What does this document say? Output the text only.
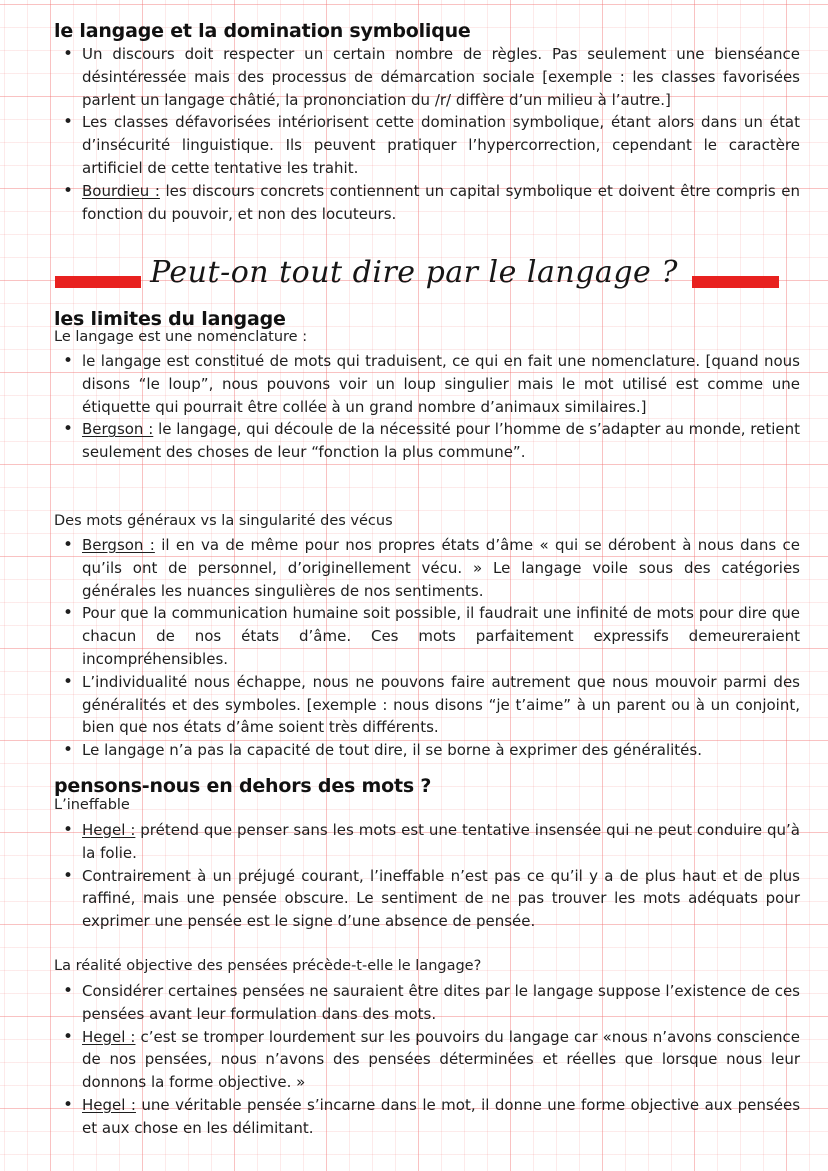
le langage et la domination symbolique
• Un discours doit respecter un certain nombre de règles. Pas seulement une bienséance désintéressée mais des processus de démarcation sociale [exemple : les classes favorisées parlent un langage châtié, la prononciation du /r/ diffère d’un milieu à l’autre.]
• Les classes défavorisées intériorisent cette domination symbolique, étant alors dans un état d’insécurité linguistique. Ils peuvent pratiquer l’hypercorrection, cependant le caractère artificiel de cette tentative les trahit.
• Bourdieu : les discours concrets contiennent un capital symbolique et doivent être compris en fonction du pouvoir, et non des locuteurs.
Peut-on tout dire par le langage ?
les limites du langage

Le langage est une nomenclature :

• le langage est constitué de mots qui traduisent, ce qui en fait une nomenclature. [quand nous disons “le loup”, nous pouvons voir un loup singulier mais le mot utilisé est comme une étiquette qui pourrait être collée à un grand nombre d’animaux similaires.]
• Bergson : le langage, qui découle de la nécessité pour l’homme de s’adapter au monde, retient seulement des choses de leur “fonction la plus commune”.

Des mots généraux vs la singularité des vécus

• Bergson : il en va de même pour nos propres états d’âme « qui se dérobent à nous dans ce qu’ils ont de personnel, d’originellement vécu. » Le langage voile sous des catégories générales les nuances singulières de nos sentiments.
• Pour que la communication humaine soit possible, il faudrait une infinité de mots pour dire que chacun de nos états d’âme. Ces mots parfaitement expressifs demeureraient incompréhensibles.
• L’individualité nous échappe, nous ne pouvons faire autrement que nous mouvoir parmi des généralités et des symboles. [exemple : nous disons “je t’aime” à un parent ou à un conjoint, bien que nos états d’âme soient très différents.
• Le langage n’a pas la capacité de tout dire, il se borne à exprimer des généralités.
pensons-nous en dehors des mots ?

L’ineffable

• Hegel : prétend que penser sans les mots est une tentative insensée qui ne peut conduire qu’à la folie.
• Contrairement à un préjugé courant, l’ineffable n’est pas ce qu’il y a de plus haut et de plus raffiné, mais une pensée obscure. Le sentiment de ne pas trouver les mots adéquats pour exprimer une pensée est le signe d’une absence de pensée.

La réalité objective des pensées précède-t-elle le langage?

• Considérer certaines pensées ne sauraient être dites par le langage suppose l’existence de ces pensées avant leur formulation dans des mots.
• Hegel : c’est se tromper lourdement sur les pouvoirs du langage car «nous n’avons conscience de nos pensées, nous n’avons des pensées déterminées et réelles que lorsque nous leur donnons la forme objective. »
• Hegel : une véritable pensée s’incarne dans le mot, il donne une forme objective aux pensées et aux chose en les délimitant.
